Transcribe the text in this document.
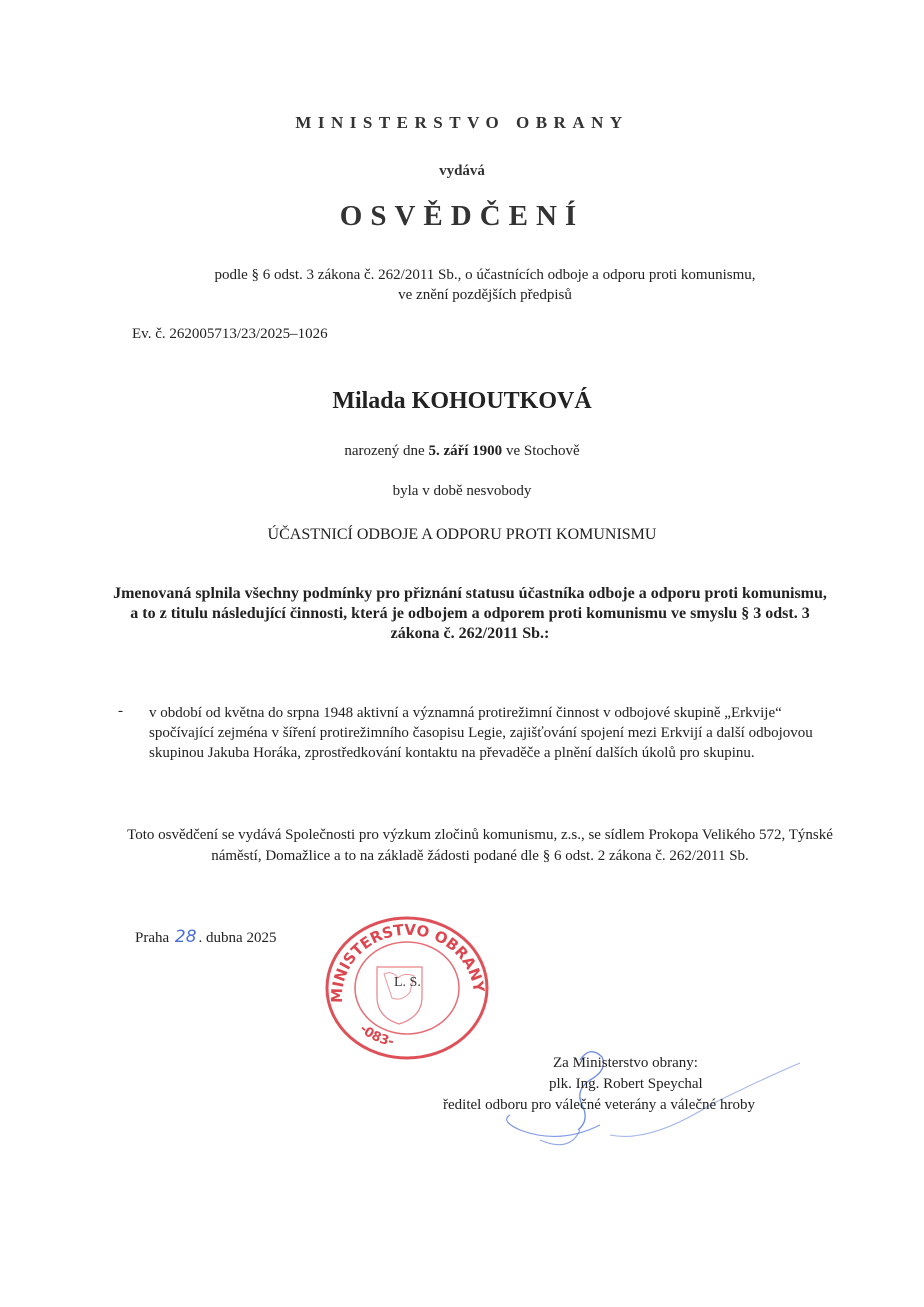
MINISTERSTVO OBRANY
vydává
OSVĚDČENÍ
podle § 6 odst. 3 zákona č. 262/2011 Sb., o účastnících odboje a odporu proti komunismu,
ve znění pozdějších předpisů
Ev. č. 262005713/23/2025–1026
Milada KOHOUTKOVÁ
narozený dne 5. září 1900 ve Stochově
byla v době nesvobody
ÚČASTNICÍ ODBOJE A ODPORU PROTI KOMUNISMU
Jmenovaná splnila všechny podmínky pro přiznání statusu účastníka odboje a odporu proti komunismu, a to z titulu následující činnosti, která je odbojem a odporem proti komunismu ve smyslu § 3 odst. 3 zákona č. 262/2011 Sb.:
- v období od května do srpna 1948 aktivní a významná protirežimní činnost v odbojové skupině „Erkvije“ spočívající zejména v šíření protirežimního časopisu Legie, zajišťování spojení mezi Erkvijí a další odbojovou skupinou Jakuba Horáka, zprostředkování kontaktu na převaděče a plnění dalších úkolů pro skupinu.
Toto osvědčení se vydává Společnosti pro výzkum zločinů komunismu, z.s., se sídlem Prokopa Velikého 572, Týnské náměstí, Domažlice a to na základě žádosti podané dle § 6 odst. 2 zákona č. 262/2011 Sb.
Praha 28 . dubna 2025
MINISTERSTVO OBRANY
-083-
L. S.
Za Ministerstvo obrany:
plk. Ing. Robert Speychal
ředitel odboru pro válečné veterány a válečné hroby
